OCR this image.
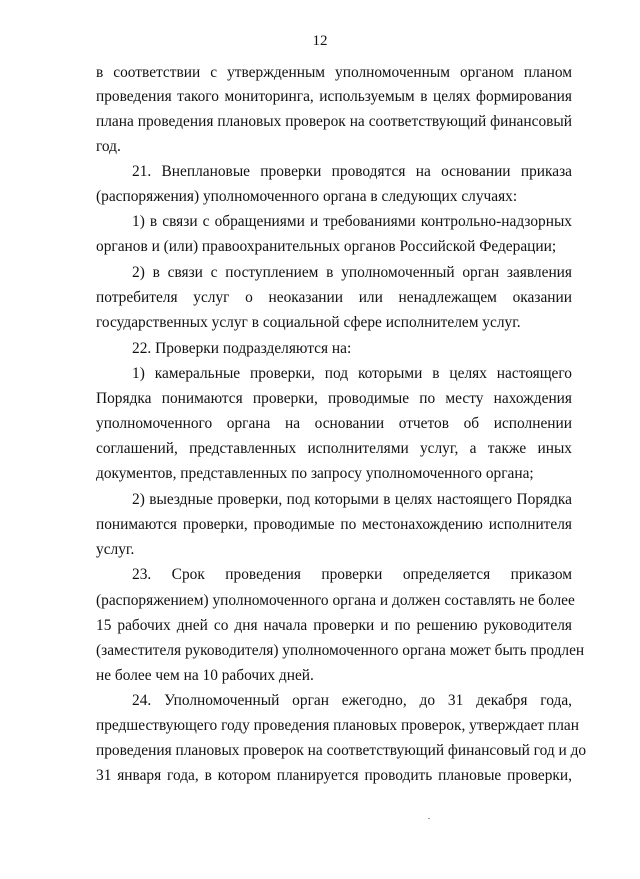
12
в соответствии с утвержденным уполномоченным органом планом
проведения такого мониторинга, используемым в целях формирования
плана проведения плановых проверок на соответствующий финансовый
год.
21. Внеплановые проверки проводятся на основании приказа
(распоряжения) уполномоченного органа в следующих случаях:
1) в связи с обращениями и требованиями контрольно-надзорных
органов и (или) правоохранительных органов Российской Федерации;
2) в связи с поступлением в уполномоченный орган заявления
потребителя услуг о неоказании или ненадлежащем оказании
государственных услуг в социальной сфере исполнителем услуг.
22. Проверки подразделяются на:
1) камеральные проверки, под которыми в целях настоящего
Порядка понимаются проверки, проводимые по месту нахождения
уполномоченного органа на основании отчетов об исполнении
соглашений, представленных исполнителями услуг, а также иных
документов, представленных по запросу уполномоченного органа;
2) выездные проверки, под которыми в целях настоящего Порядка
понимаются проверки, проводимые по местонахождению исполнителя
услуг.
23. Срок проведения проверки определяется приказом
(распоряжением) уполномоченного органа и должен составлять не более
15 рабочих дней со дня начала проверки и по решению руководителя
(заместителя руководителя) уполномоченного органа может быть продлен
не более чем на 10 рабочих дней.
24. Уполномоченный орган ежегодно, до 31 декабря года,
предшествующего году проведения плановых проверок, утверждает план
проведения плановых проверок на соответствующий финансовый год и до
31 января года, в котором планируется проводить плановые проверки,
